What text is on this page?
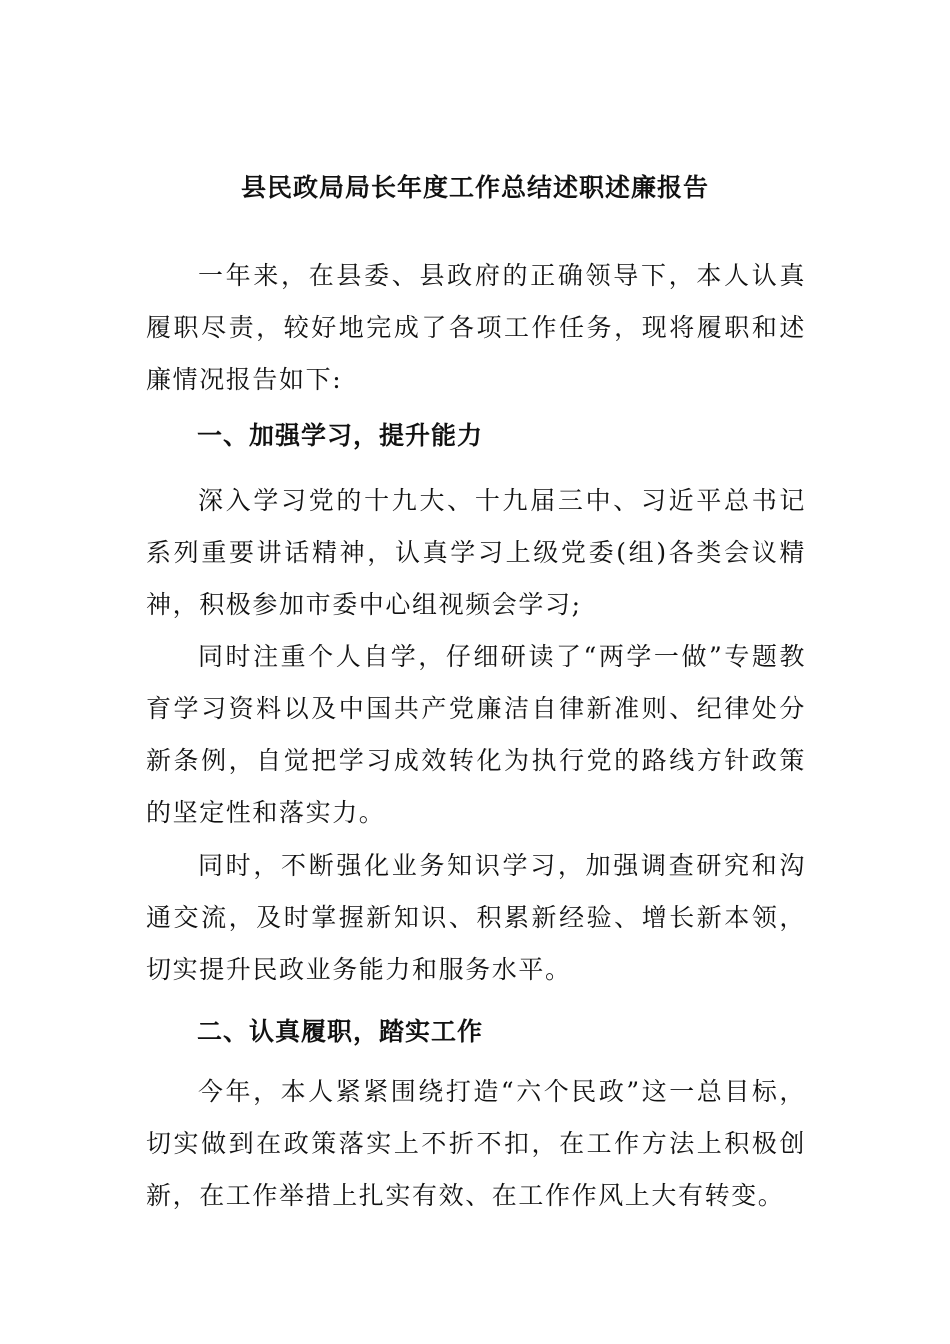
县民政局局长年度工作总结述职述廉报告

一年来，在县委、县政府的正确领导下，本人认真履职尽责，较好地完成了各项工作任务，现将履职和述廉情况报告如下:

一、加强学习，提升能力

深入学习党的十九大、十九届三中、习近平总书记系列重要讲话精神，认真学习上级党委(组)各类会议精神，积极参加市委中心组视频会学习;

同时注重个人自学，仔细研读了“两学一做”专题教育学习资料以及中国共产党廉洁自律新准则、纪律处分新条例，自觉把学习成效转化为执行党的路线方针政策的坚定性和落实力。

同时，不断强化业务知识学习，加强调查研究和沟通交流，及时掌握新知识、积累新经验、增长新本领，切实提升民政业务能力和服务水平。

二、认真履职，踏实工作

今年，本人紧紧围绕打造“六个民政”这一总目标，切实做到在政策落实上不折不扣，在工作方法上积极创新，在工作举措上扎实有效、在工作作风上大有转变。
